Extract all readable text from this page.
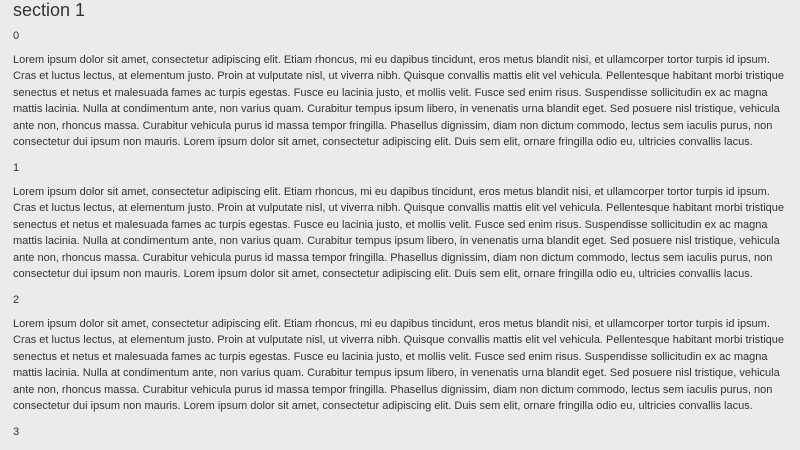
section 1
0

Lorem ipsum dolor sit amet, consectetur adipiscing elit. Etiam rhoncus, mi eu dapibus tincidunt, eros metus blandit nisi, et ullamcorper tortor turpis id ipsum. Cras et luctus lectus, at elementum justo. Proin at vulputate nisl, ut viverra nibh. Quisque convallis mattis elit vel vehicula. Pellentesque habitant morbi tristique senectus et netus et malesuada fames ac turpis egestas. Fusce eu lacinia justo, et mollis velit. Fusce sed enim risus. Suspendisse sollicitudin ex ac magna mattis lacinia. Nulla at condimentum ante, non varius quam. Curabitur tempus ipsum libero, in venenatis urna blandit eget. Sed posuere nisl tristique, vehicula ante non, rhoncus massa. Curabitur vehicula purus id massa tempor fringilla. Phasellus dignissim, diam non dictum commodo, lectus sem iaculis purus, non consectetur dui ipsum non mauris. Lorem ipsum dolor sit amet, consectetur adipiscing elit. Duis sem elit, ornare fringilla odio eu, ultricies convallis lacus.

1

Lorem ipsum dolor sit amet, consectetur adipiscing elit. Etiam rhoncus, mi eu dapibus tincidunt, eros metus blandit nisi, et ullamcorper tortor turpis id ipsum. Cras et luctus lectus, at elementum justo. Proin at vulputate nisl, ut viverra nibh. Quisque convallis mattis elit vel vehicula. Pellentesque habitant morbi tristique senectus et netus et malesuada fames ac turpis egestas. Fusce eu lacinia justo, et mollis velit. Fusce sed enim risus. Suspendisse sollicitudin ex ac magna mattis lacinia. Nulla at condimentum ante, non varius quam. Curabitur tempus ipsum libero, in venenatis urna blandit eget. Sed posuere nisl tristique, vehicula ante non, rhoncus massa. Curabitur vehicula purus id massa tempor fringilla. Phasellus dignissim, diam non dictum commodo, lectus sem iaculis purus, non consectetur dui ipsum non mauris. Lorem ipsum dolor sit amet, consectetur adipiscing elit. Duis sem elit, ornare fringilla odio eu, ultricies convallis lacus.

2

Lorem ipsum dolor sit amet, consectetur adipiscing elit. Etiam rhoncus, mi eu dapibus tincidunt, eros metus blandit nisi, et ullamcorper tortor turpis id ipsum. Cras et luctus lectus, at elementum justo. Proin at vulputate nisl, ut viverra nibh. Quisque convallis mattis elit vel vehicula. Pellentesque habitant morbi tristique senectus et netus et malesuada fames ac turpis egestas. Fusce eu lacinia justo, et mollis velit. Fusce sed enim risus. Suspendisse sollicitudin ex ac magna mattis lacinia. Nulla at condimentum ante, non varius quam. Curabitur tempus ipsum libero, in venenatis urna blandit eget. Sed posuere nisl tristique, vehicula ante non, rhoncus massa. Curabitur vehicula purus id massa tempor fringilla. Phasellus dignissim, diam non dictum commodo, lectus sem iaculis purus, non consectetur dui ipsum non mauris. Lorem ipsum dolor sit amet, consectetur adipiscing elit. Duis sem elit, ornare fringilla odio eu, ultricies convallis lacus.

3
